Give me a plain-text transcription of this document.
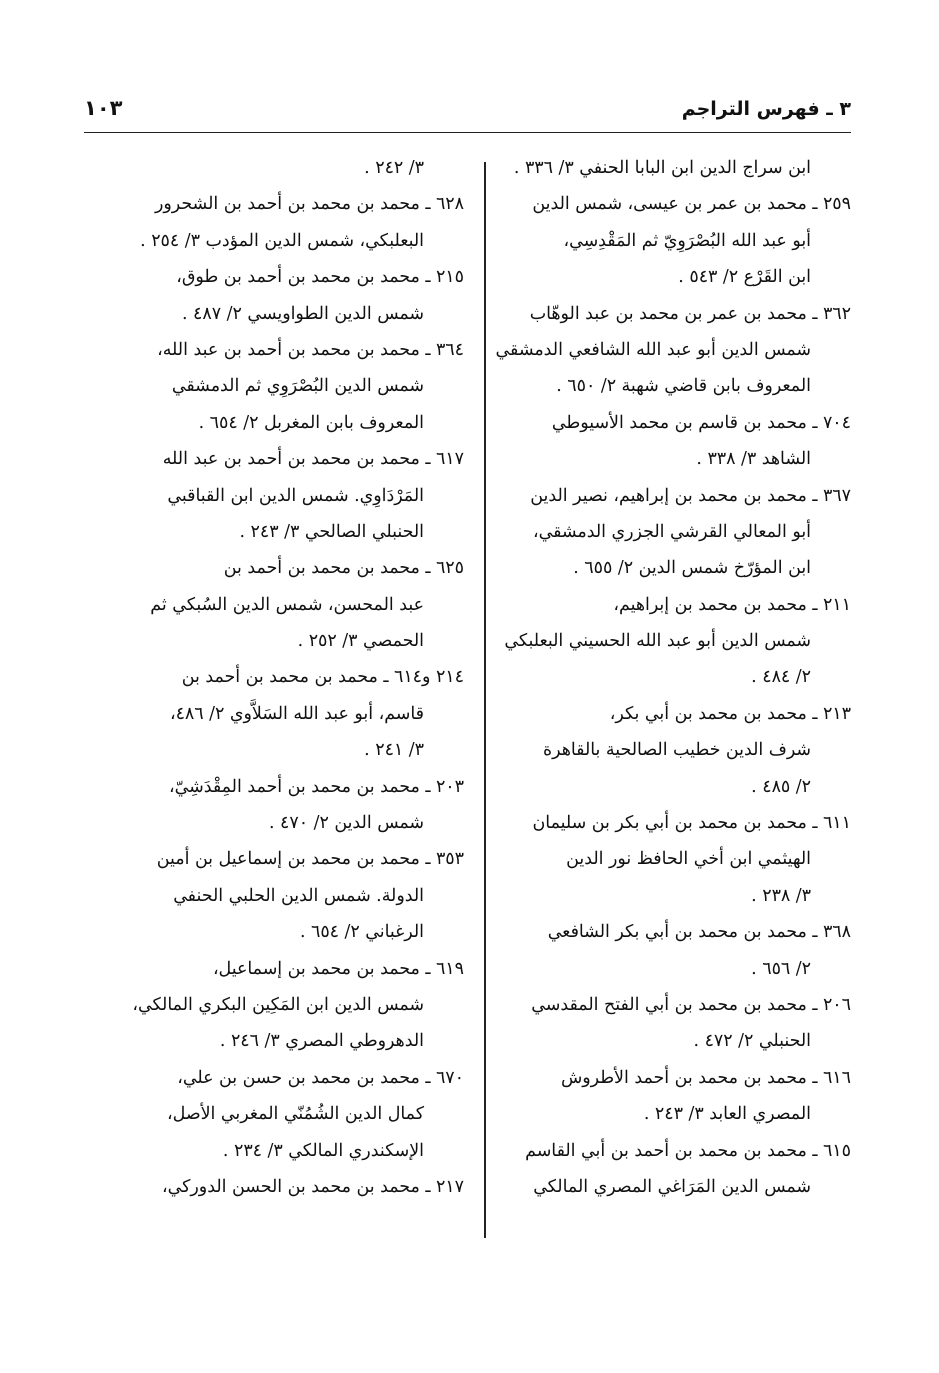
٣ ـ فهرس التراجم
١٠٣
ابن سراج الدين ابن البابا الحنفي ٣/ ٣٣٦ .
٢٥٩ ـ محمد بن عمر بن عيسى، شمس الدين
أبو عبد الله البُصْرَوِيّ ثم المَقْدِسِي،
ابن القَرْع ٢/ ٥٤٣ .
٣٦٢ ـ محمد بن عمر بن محمد بن عبد الوهّاب
شمس الدين أبو عبد الله الشافعي الدمشقي
المعروف بابن قاضي شهبة ٢/ ٦٥٠ .
٧٠٤ ـ محمد بن قاسم بن محمد الأسيوطي
الشاهد ٣/ ٣٣٨ .
٣٦٧ ـ محمد بن محمد بن إبراهيم، نصير الدين
أبو المعالي القرشي الجزري الدمشقي،
ابن المؤرّخ شمس الدين ٢/ ٦٥٥ .
٢١١ ـ محمد بن محمد بن إبراهيم،
شمس الدين أبو عبد الله الحسيني البعلبكي
٢/ ٤٨٤ .
٢١٣ ـ محمد بن محمد بن أبي بكر،
شرف الدين خطيب الصالحية بالقاهرة
٢/ ٤٨٥ .
٦١١ ـ محمد بن محمد بن أبي بكر بن سليمان
الهيثمي ابن أخي الحافظ نور الدين
٣/ ٢٣٨ .
٣٦٨ ـ محمد بن محمد بن أبي بكر الشافعي
٢/ ٦٥٦ .
٢٠٦ ـ محمد بن محمد بن أبي الفتح المقدسي
الحنبلي ٢/ ٤٧٢ .
٦١٦ ـ محمد بن محمد بن أحمد الأطروش
المصري العابد ٣/ ٢٤٣ .
٦١٥ ـ محمد بن محمد بن أحمد بن أبي القاسم
شمس الدين المَرَاغي المصري المالكي
٣/ ٢٤٢ .
٦٢٨ ـ محمد بن محمد بن أحمد بن الشحرور
البعلبكي، شمس الدين المؤدب ٣/ ٢٥٤ .
٢١٥ ـ محمد بن محمد بن أحمد بن طوق،
شمس الدين الطواويسي ٢/ ٤٨٧ .
٣٦٤ ـ محمد بن محمد بن أحمد بن عبد الله،
شمس الدين البُصْرَوِي ثم الدمشقي
المعروف بابن المغربل ٢/ ٦٥٤ .
٦١٧ ـ محمد بن محمد بن أحمد بن عبد الله
المَرْدَاوِي. شمس الدين ابن القباقبي
الحنبلي الصالحي ٣/ ٢٤٣ .
٦٢٥ ـ محمد بن محمد بن أحمد بن
عبد المحسن، شمس الدين السُبكي ثم
الحمصي ٣/ ٢٥٢ .
٢١٤ و٦١٤ ـ محمد بن محمد بن أحمد بن
قاسم، أبو عبد الله السَلاَّوي ٢/ ٤٨٦،
٣/ ٢٤١ .
٢٠٣ ـ محمد بن محمد بن أحمد المِقْدَشِيّ،
شمس الدين ٢/ ٤٧٠ .
٣٥٣ ـ محمد بن محمد بن إسماعيل بن أمين
الدولة. شمس الدين الحلبي الحنفي
الرغباني ٢/ ٦٥٤ .
٦١٩ ـ محمد بن محمد بن إسماعيل،
شمس الدين ابن المَكِين البكري المالكي،
الدهروطي المصري ٣/ ٢٤٦ .
٦٧٠ ـ محمد بن محمد بن حسن بن علي،
كمال الدين الشُمُنّي المغربي الأصل،
الإسكندري المالكي ٣/ ٢٣٤ .
٢١٧ ـ محمد بن محمد بن الحسن الدوركي،
